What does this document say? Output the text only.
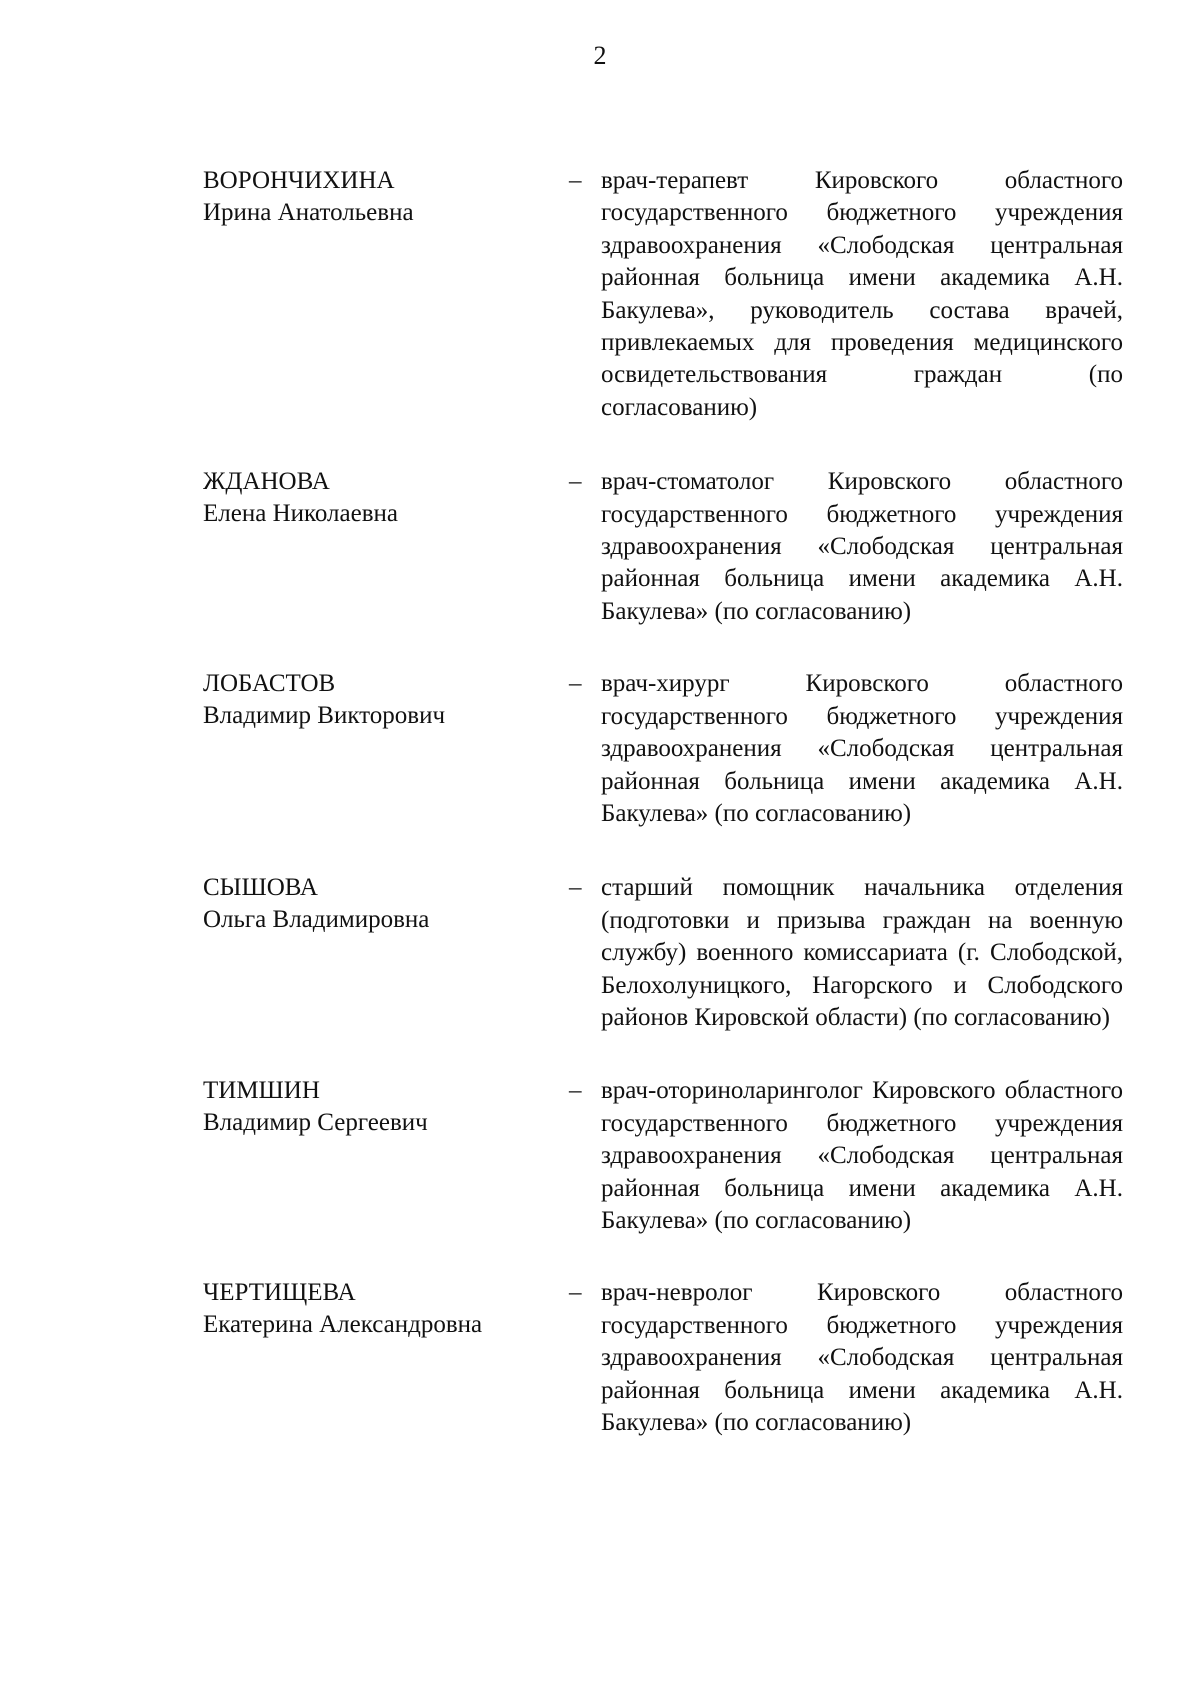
2
ВОРОНЧИХИНА
Ирина Анатольевна
– врач-терапевт Кировского областного государственного бюджетного учреждения здравоохранения «Слободская центральная районная больница имени академика А.Н. Бакулева», руководитель состава врачей, привлекаемых для проведения медицинского освидетельствования граждан (по согласованию)
ЖДАНОВА
Елена Николаевна
– врач-стоматолог Кировского областного государственного бюджетного учреждения здравоохранения «Слободская центральная районная больница имени академика А.Н. Бакулева» (по согласованию)
ЛОБАСТОВ
Владимир Викторович
– врач-хирург Кировского областного государственного бюджетного учреждения здравоохранения «Слободская центральная районная больница имени академика А.Н. Бакулева» (по согласованию)
СЫШОВА
Ольга Владимировна
– старший помощник начальника отделения (подготовки и призыва граждан на военную службу) военного комиссариата (г. Слободской, Белохолуницкого, Нагорского и Слободского районов Кировской области) (по согласованию)
ТИМШИН
Владимир Сергеевич
– врач-оториноларинголог Кировского областного государственного бюджетного учреждения здравоохранения «Слободская центральная районная больница имени академика А.Н. Бакулева» (по согласованию)
ЧЕРТИЩЕВА
Екатерина Александровна
– врач-невролог Кировского областного государственного бюджетного учреждения здравоохранения «Слободская центральная районная больница имени академика А.Н. Бакулева» (по согласованию)
